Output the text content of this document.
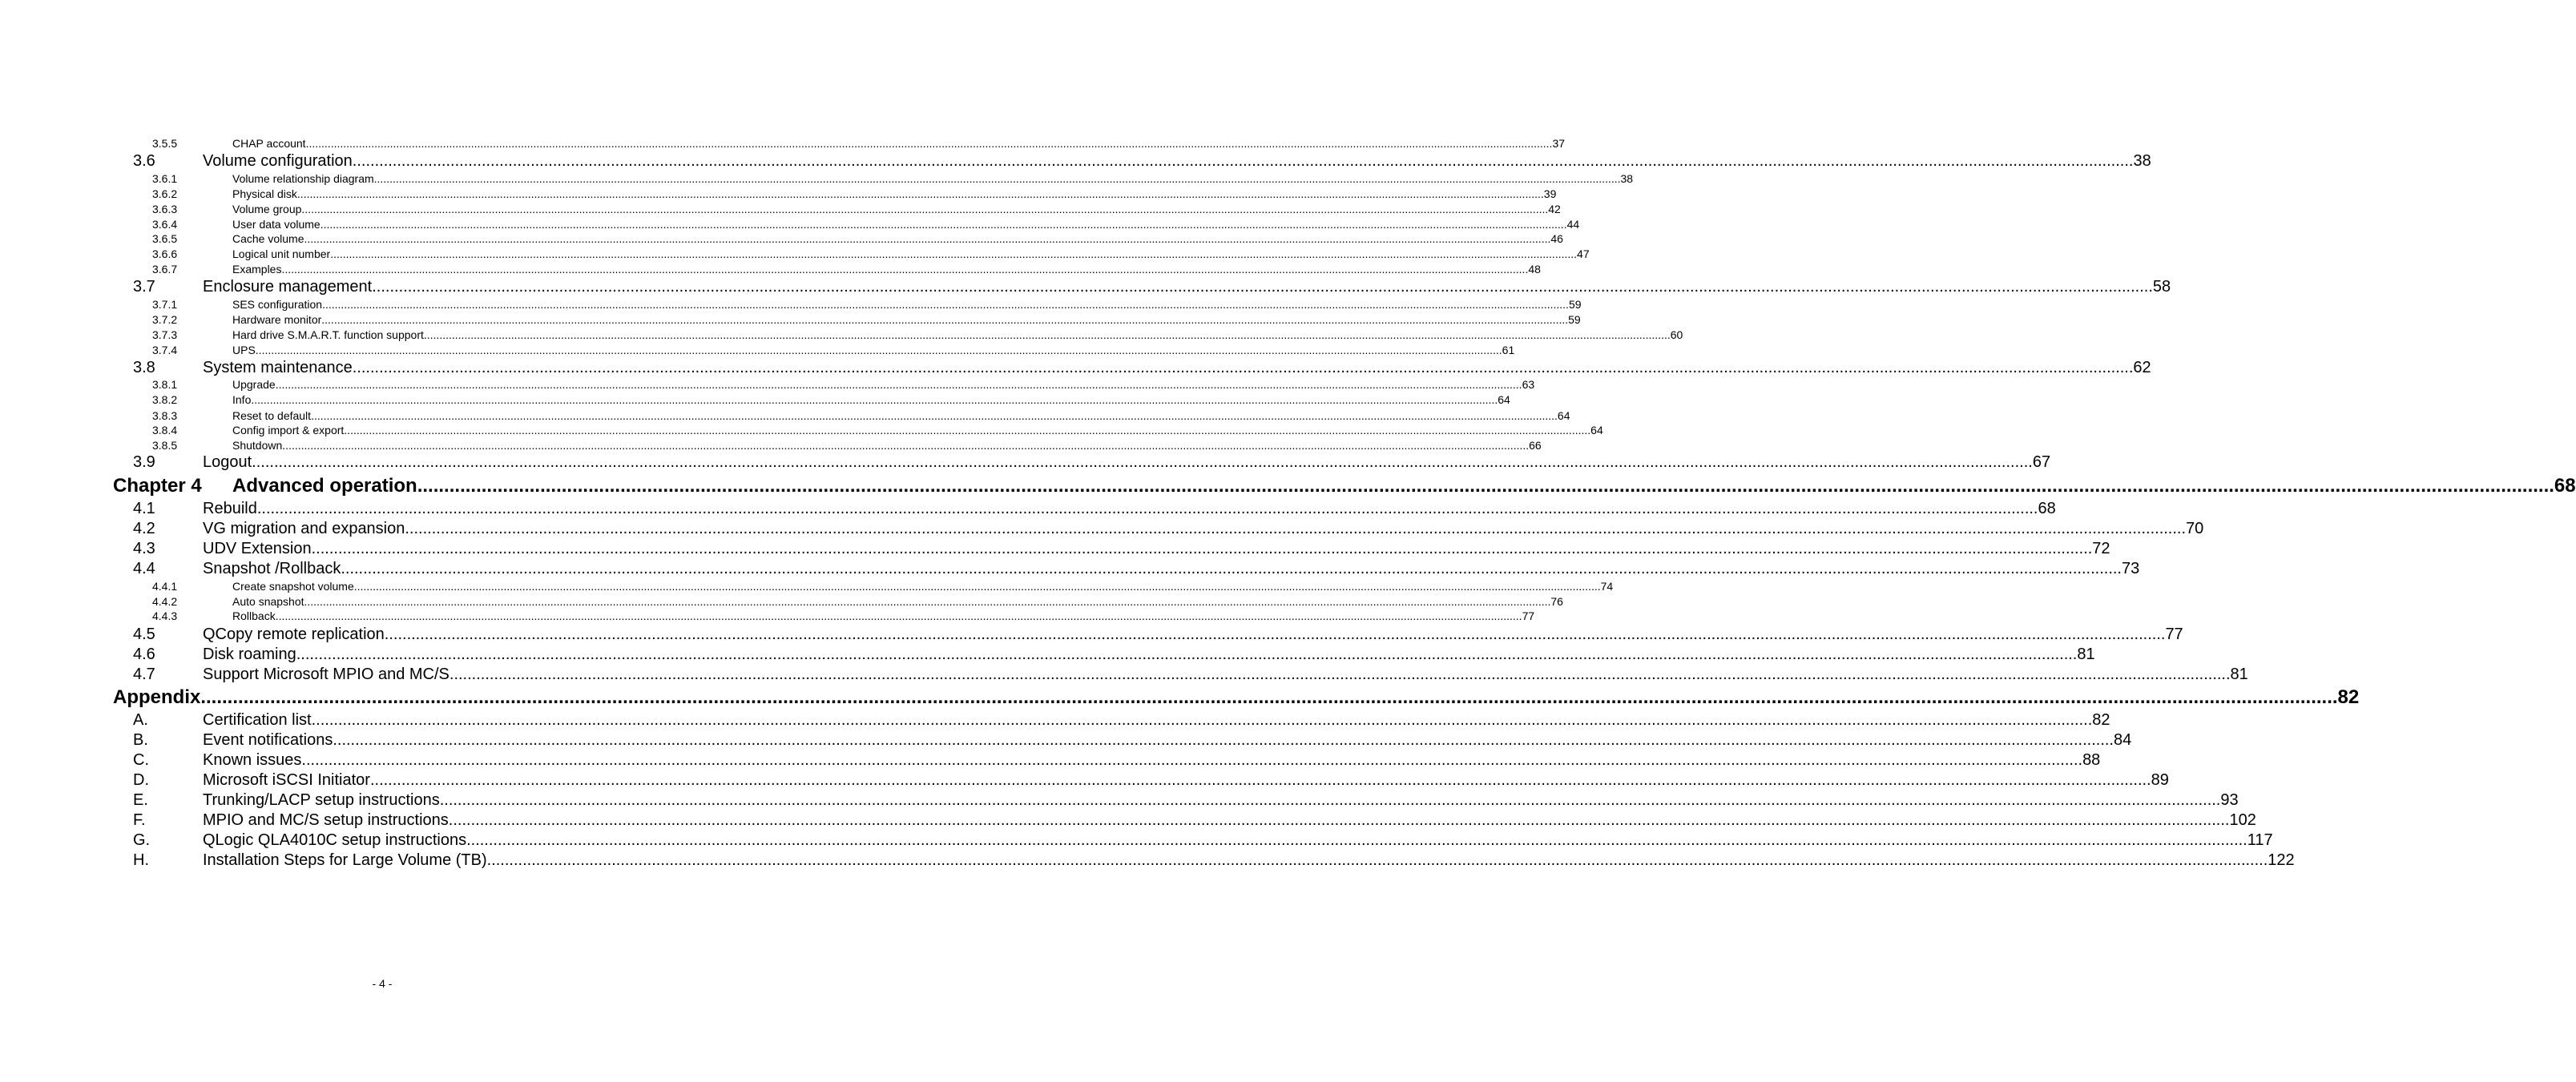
3.5.5	CHAP account ................................................................................................................................................................................................................................................................................................................................................................................................................ 37
3.6	Volume configuration ................................................................................................................................................................................................................................................................................................................................................................................................................ 38
3.6.1	Volume relationship diagram ................................................................................................................................................................................................................................................................................................................................................................................................................ 38
3.6.2	Physical disk ................................................................................................................................................................................................................................................................................................................................................................................................................ 39
3.6.3	Volume group ................................................................................................................................................................................................................................................................................................................................................................................................................ 42
3.6.4	User data volume ................................................................................................................................................................................................................................................................................................................................................................................................................ 44
3.6.5	Cache volume ................................................................................................................................................................................................................................................................................................................................................................................................................ 46
3.6.6	Logical unit number ................................................................................................................................................................................................................................................................................................................................................................................................................ 47
3.6.7	Examples ................................................................................................................................................................................................................................................................................................................................................................................................................ 48
3.7	Enclosure management ................................................................................................................................................................................................................................................................................................................................................................................................................ 58
3.7.1	SES configuration ................................................................................................................................................................................................................................................................................................................................................................................................................ 59
3.7.2	Hardware monitor ................................................................................................................................................................................................................................................................................................................................................................................................................ 59
3.7.3	Hard drive S.M.A.R.T. function support ................................................................................................................................................................................................................................................................................................................................................................................................................ 60
3.7.4	UPS ................................................................................................................................................................................................................................................................................................................................................................................................................ 61
3.8	System maintenance ................................................................................................................................................................................................................................................................................................................................................................................................................ 62
3.8.1	Upgrade ................................................................................................................................................................................................................................................................................................................................................................................................................ 63
3.8.2	Info ................................................................................................................................................................................................................................................................................................................................................................................................................ 64
3.8.3	Reset to default ................................................................................................................................................................................................................................................................................................................................................................................................................ 64
3.8.4	Config import & export ................................................................................................................................................................................................................................................................................................................................................................................................................ 64
3.8.5	Shutdown ................................................................................................................................................................................................................................................................................................................................................................................................................ 66
3.9	Logout ................................................................................................................................................................................................................................................................................................................................................................................................................ 67
Chapter 4 Advanced operation ................................................................................................................................................................................................................................................................................................................................................................................................................ 68
4.1	Rebuild ................................................................................................................................................................................................................................................................................................................................................................................................................ 68
4.2	VG migration and expansion ................................................................................................................................................................................................................................................................................................................................................................................................................ 70
4.3	UDV Extension ................................................................................................................................................................................................................................................................................................................................................................................................................ 72
4.4	Snapshot /Rollback ................................................................................................................................................................................................................................................................................................................................................................................................................ 73
4.4.1	Create snapshot volume ................................................................................................................................................................................................................................................................................................................................................................................................................ 74
4.4.2	Auto snapshot ................................................................................................................................................................................................................................................................................................................................................................................................................ 76
4.4.3	Rollback ................................................................................................................................................................................................................................................................................................................................................................................................................ 77
4.5	QCopy remote replication ................................................................................................................................................................................................................................................................................................................................................................................................................ 77
4.6	Disk roaming ................................................................................................................................................................................................................................................................................................................................................................................................................ 81
4.7	Support Microsoft MPIO and MC/S ................................................................................................................................................................................................................................................................................................................................................................................................................ 81
Appendix ................................................................................................................................................................................................................................................................................................................................................................................................................ 82
A.	Certification list ................................................................................................................................................................................................................................................................................................................................................................................................................ 82
B.	Event notifications ................................................................................................................................................................................................................................................................................................................................................................................................................ 84
C.	Known issues ................................................................................................................................................................................................................................................................................................................................................................................................................ 88
D.	Microsoft iSCSI Initiator ................................................................................................................................................................................................................................................................................................................................................................................................................ 89
E.	Trunking/LACP setup instructions ................................................................................................................................................................................................................................................................................................................................................................................................................ 93
F.	MPIO and MC/S setup instructions ................................................................................................................................................................................................................................................................................................................................................................................................................ 102
G.	QLogic QLA4010C setup instructions ................................................................................................................................................................................................................................................................................................................................................................................................................ 117
H.	Installation Steps for Large Volume (TB) ................................................................................................................................................................................................................................................................................................................................................................................................................ 122
- 4 -
